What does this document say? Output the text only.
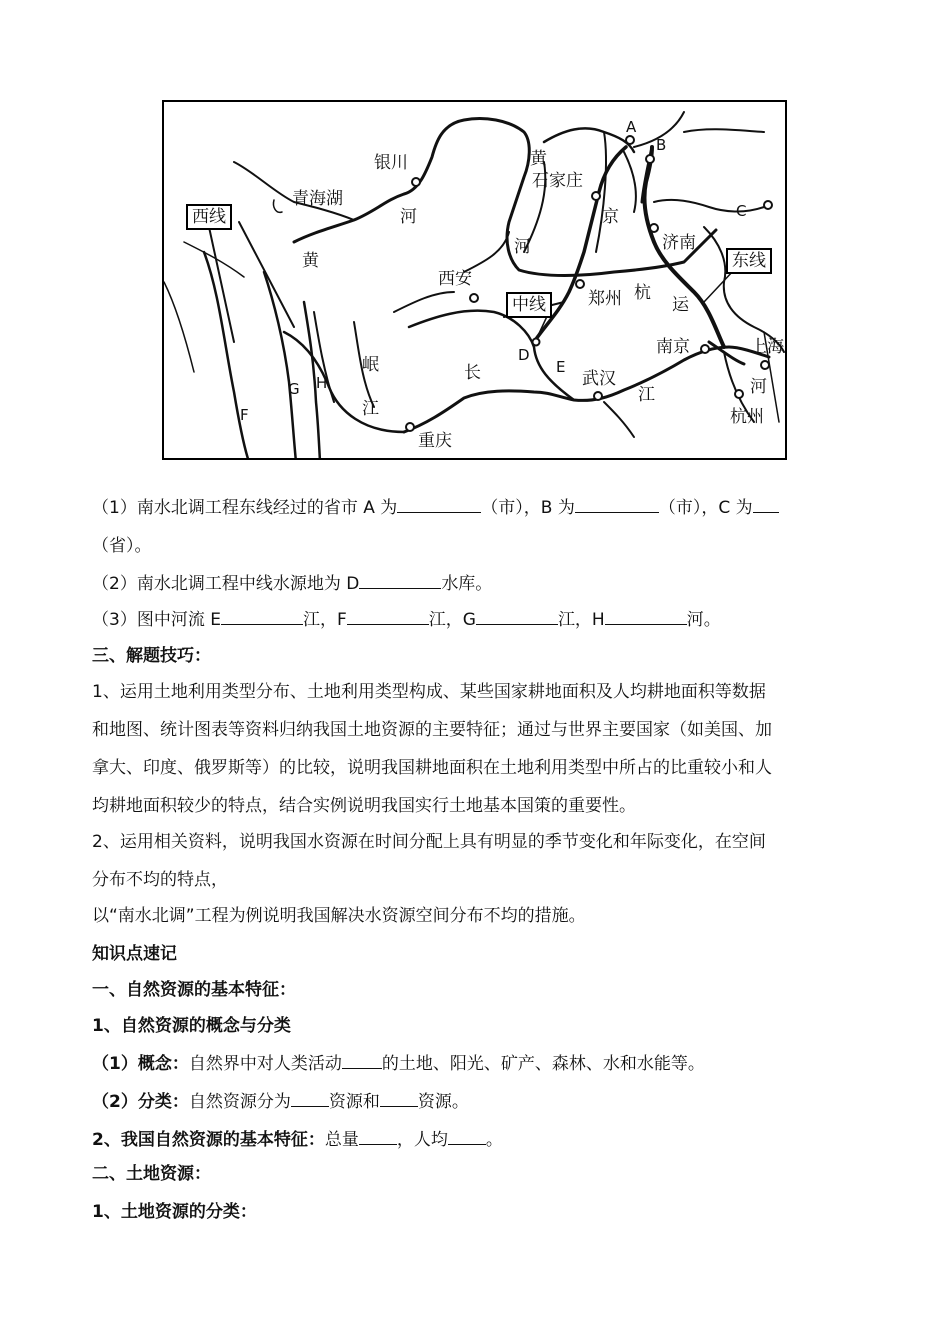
银川
青海湖
黄
河
黄
河
石家庄
京
济南
西安
郑州 杭
运
河
南京	上海
杭州
武汉
长
江
岷
江
重庆
A
B
C
D
E
F
G H
西线
中线
东线
（1）南水北调工程东线经过的省市 A 为	（市），B 为	（市），C 为
（省）。
（2）南水北调工程中线水源地为 D	水库。
（3）图中河流 E	江，F	江，G	江，H	河。
三、解题技巧：
1、运用土地利用类型分布、土地利用类型构成、某些国家耕地面积及人均耕地面积等数据
和地图、统计图表等资料归纳我国土地资源的主要特征；通过与世界主要国家（如美国、加
拿大、印度、俄罗斯等）的比较，说明我国耕地面积在土地利用类型中所占的比重较小和人
均耕地面积较少的特点，结合实例说明我国实行土地基本国策的重要性。
2、运用相关资料，说明我国水资源在时间分配上具有明显的季节变化和年际变化，在空间
分布不均的特点，
以“南水北调”工程为例说明我国解决水资源空间分布不均的措施。
知识点速记
一、自然资源的基本特征：
1、自然资源的概念与分类
（1）概念：自然界中对人类活动 的土地、阳光、矿产、森林、水和水能等。
（2）分类：自然资源分为 资源和 资源。
2、我国自然资源的基本特征：总量 ，人均 。
二、土地资源：
1、土地资源的分类：
